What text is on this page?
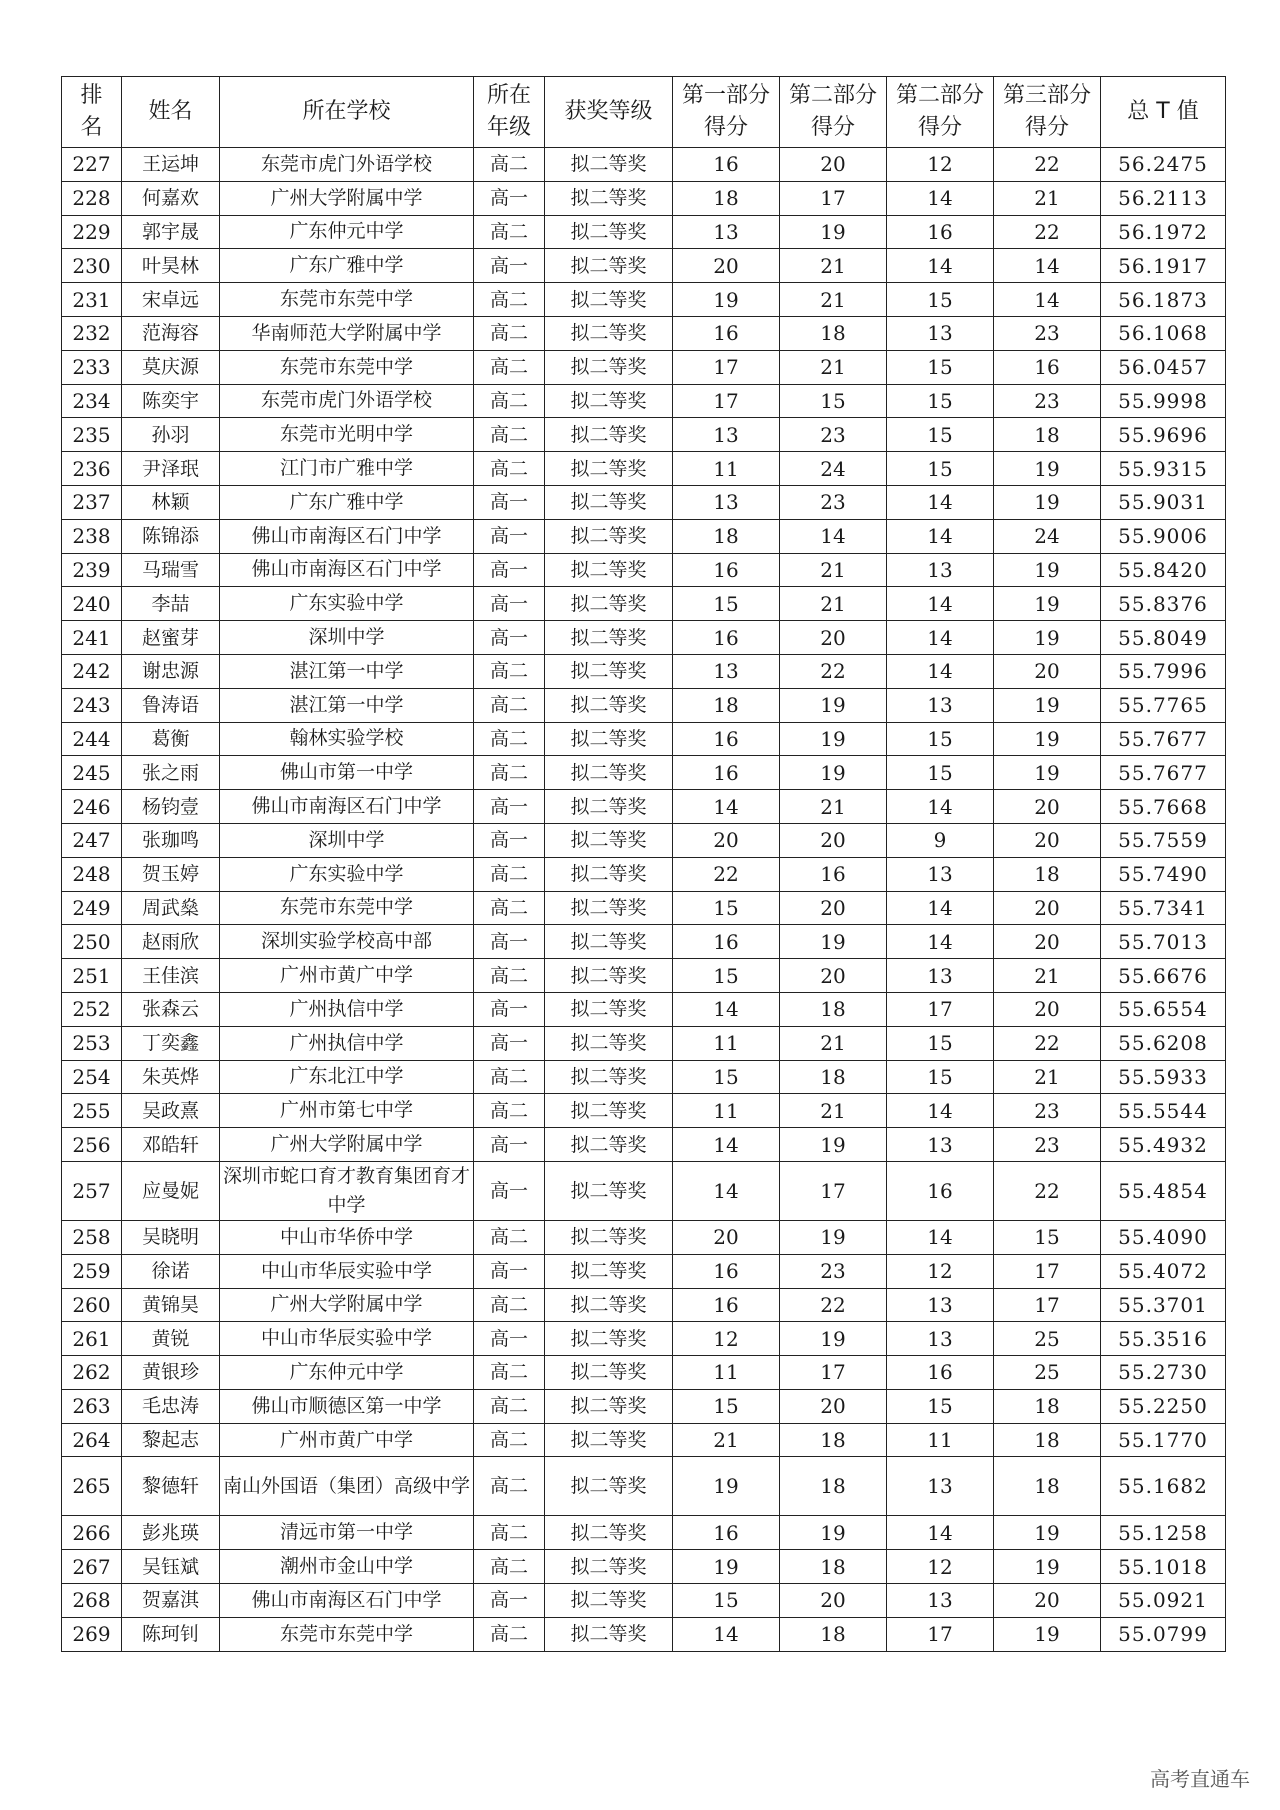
排名	姓名	所在学校	所在年级	获奖等级	第一部分得分	第二部分得分	第二部分得分	第三部分得分	总 T 值
227	王运坤	东莞市虎门外语学校	高二	拟二等奖	16	20	12	22	56.2475
228	何嘉欢	广州大学附属中学	高一	拟二等奖	18	17	14	21	56.2113
229	郭宇晟	广东仲元中学	高二	拟二等奖	13	19	16	22	56.1972
230	叶昊林	广东广雅中学	高一	拟二等奖	20	21	14	14	56.1917
231	宋卓远	东莞市东莞中学	高二	拟二等奖	19	21	15	14	56.1873
232	范海容	华南师范大学附属中学	高二	拟二等奖	16	18	13	23	56.1068
233	莫庆源	东莞市东莞中学	高二	拟二等奖	17	21	15	16	56.0457
234	陈奕宇	东莞市虎门外语学校	高二	拟二等奖	17	15	15	23	55.9998
235	孙羽	东莞市光明中学	高二	拟二等奖	13	23	15	18	55.9696
236	尹泽珉	江门市广雅中学	高二	拟二等奖	11	24	15	19	55.9315
237	林颖	广东广雅中学	高一	拟二等奖	13	23	14	19	55.9031
238	陈锦添	佛山市南海区石门中学	高一	拟二等奖	18	14	14	24	55.9006
239	马瑞雪	佛山市南海区石门中学	高一	拟二等奖	16	21	13	19	55.8420
240	李喆	广东实验中学	高一	拟二等奖	15	21	14	19	55.8376
241	赵蜜芽	深圳中学	高一	拟二等奖	16	20	14	19	55.8049
242	谢忠源	湛江第一中学	高二	拟二等奖	13	22	14	20	55.7996
243	鲁涛语	湛江第一中学	高二	拟二等奖	18	19	13	19	55.7765
244	葛衡	翰林实验学校	高二	拟二等奖	16	19	15	19	55.7677
245	张之雨	佛山市第一中学	高二	拟二等奖	16	19	15	19	55.7677
246	杨钧壹	佛山市南海区石门中学	高一	拟二等奖	14	21	14	20	55.7668
247	张珈鸣	深圳中学	高一	拟二等奖	20	20	9	20	55.7559
248	贺玉婷	广东实验中学	高二	拟二等奖	22	16	13	18	55.7490
249	周武燊	东莞市东莞中学	高二	拟二等奖	15	20	14	20	55.7341
250	赵雨欣	深圳实验学校高中部	高一	拟二等奖	16	19	14	20	55.7013
251	王佳滨	广州市黄广中学	高二	拟二等奖	15	20	13	21	55.6676
252	张森云	广州执信中学	高一	拟二等奖	14	18	17	20	55.6554
253	丁奕鑫	广州执信中学	高一	拟二等奖	11	21	15	22	55.6208
254	朱英烨	广东北江中学	高二	拟二等奖	15	18	15	21	55.5933
255	吴政熹	广州市第七中学	高二	拟二等奖	11	21	14	23	55.5544
256	邓皓轩	广州大学附属中学	高一	拟二等奖	14	19	13	23	55.4932
257	应曼妮	深圳市蛇口育才教育集团育才中学	高一	拟二等奖	14	17	16	22	55.4854
258	吴晓明	中山市华侨中学	高二	拟二等奖	20	19	14	15	55.4090
259	徐诺	中山市华辰实验中学	高一	拟二等奖	16	23	12	17	55.4072
260	黄锦昊	广州大学附属中学	高二	拟二等奖	16	22	13	17	55.3701
261	黄锐	中山市华辰实验中学	高一	拟二等奖	12	19	13	25	55.3516
262	黄银珍	广东仲元中学	高二	拟二等奖	11	17	16	25	55.2730
263	毛忠涛	佛山市顺德区第一中学	高二	拟二等奖	15	20	15	18	55.2250
264	黎起志	广州市黄广中学	高二	拟二等奖	21	18	11	18	55.1770
265	黎德轩	南山外国语（集团）高级中学	高二	拟二等奖	19	18	13	18	55.1682
266	彭兆瑛	清远市第一中学	高二	拟二等奖	16	19	14	19	55.1258
267	吴钰斌	潮州市金山中学	高二	拟二等奖	19	18	12	19	55.1018
268	贺嘉淇	佛山市南海区石门中学	高一	拟二等奖	15	20	13	20	55.0921
269	陈珂钊	东莞市东莞中学	高二	拟二等奖	14	18	17	19	55.0799
高考直通车
